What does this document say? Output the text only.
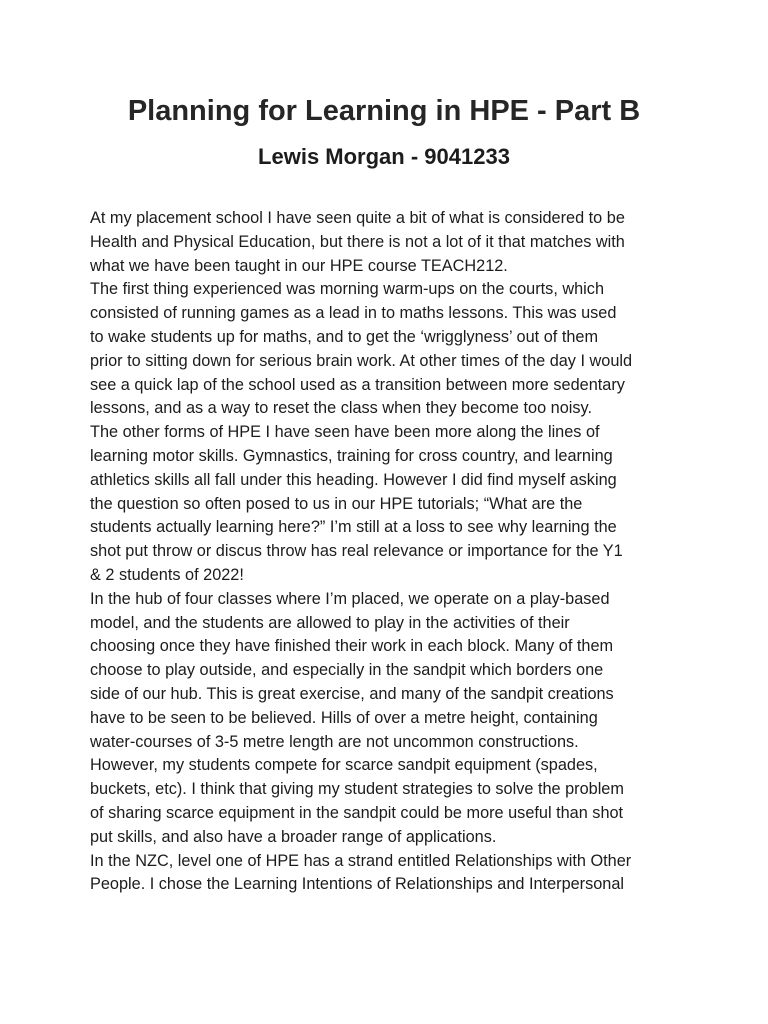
Planning for Learning in HPE - Part B
Lewis Morgan - 9041233
At my placement school I have seen quite a bit of what is considered to be
Health and Physical Education, but there is not a lot of it that matches with
what we have been taught in our HPE course TEACH212.
The first thing experienced was morning warm-ups on the courts, which
consisted of running games as a lead in to maths lessons. This was used
to wake students up for maths, and to get the ‘wrigglyness’ out of them
prior to sitting down for serious brain work. At other times of the day I would
see a quick lap of the school used as a transition between more sedentary
lessons, and as a way to reset the class when they become too noisy.
The other forms of HPE I have seen have been more along the lines of
learning motor skills. Gymnastics, training for cross country, and learning
athletics skills all fall under this heading. However I did find myself asking
the question so often posed to us in our HPE tutorials; “What are the
students actually learning here?” I’m still at a loss to see why learning the
shot put throw or discus throw has real relevance or importance for the Y1
& 2 students of 2022!
In the hub of four classes where I’m placed, we operate on a play-based
model, and the students are allowed to play in the activities of their
choosing once they have finished their work in each block. Many of them
choose to play outside, and especially in the sandpit which borders one
side of our hub. This is great exercise, and many of the sandpit creations
have to be seen to be believed. Hills of over a metre height, containing
water-courses of 3-5 metre length are not uncommon constructions.
However, my students compete for scarce sandpit equipment (spades,
buckets, etc). I think that giving my student strategies to solve the problem
of sharing scarce equipment in the sandpit could be more useful than shot
put skills, and also have a broader range of applications.
In the NZC, level one of HPE has a strand entitled Relationships with Other
People. I chose the Learning Intentions of Relationships and Interpersonal
